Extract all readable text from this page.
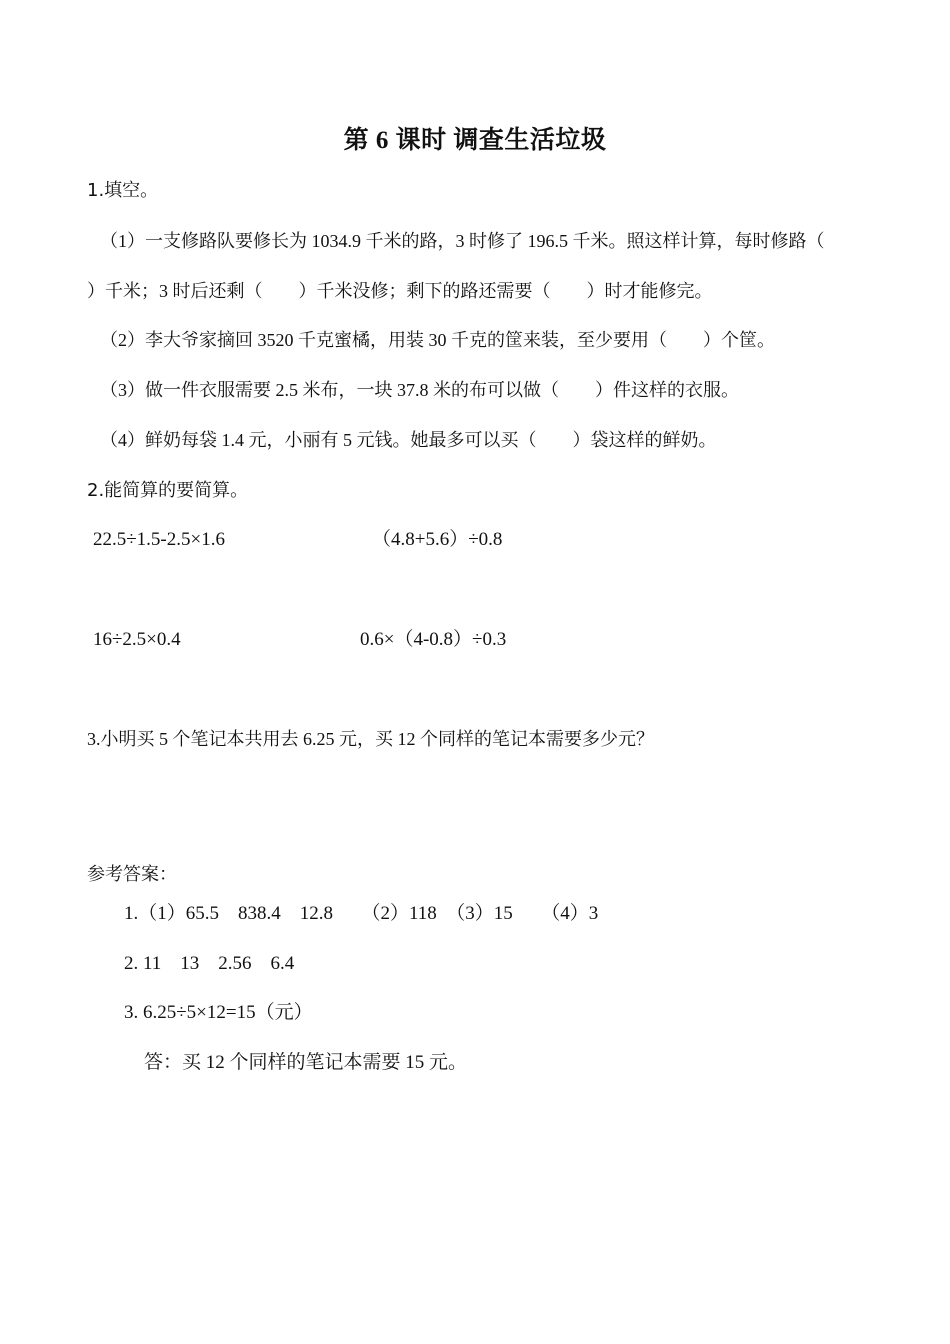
第 6 课时 调查生活垃圾
1.填空。
（1）一支修路队要修长为 1034.9 千米的路，3 时修了 196.5 千米。照这样计算，每时修路（
）千米；3 时后还剩（　　）千米没修；剩下的路还需要（　　）时才能修完。
（2）李大爷家摘回 3520 千克蜜橘，用装 30 千克的筐来装，至少要用（　　）个筐。
（3）做一件衣服需要 2.5 米布，一块 37.8 米的布可以做（　　）件这样的衣服。
（4）鲜奶每袋 1.4 元，小丽有 5 元钱。她最多可以买（　　）袋这样的鲜奶。
2.能简算的要简算。
22.5÷1.5-2.5×1.6	（4.8+5.6）÷0.8
16÷2.5×0.4	0.6×（4-0.8）÷0.3
3.小明买 5 个笔记本共用去 6.25 元，买 12 个同样的笔记本需要多少元？
参考答案：
1.（1）65.5　838.4　12.8　　（2）118　（3）15　　（4）3
2. 11　13　2.56　6.4
3. 6.25÷5×12=15（元）
答：买 12 个同样的笔记本需要 15 元。
